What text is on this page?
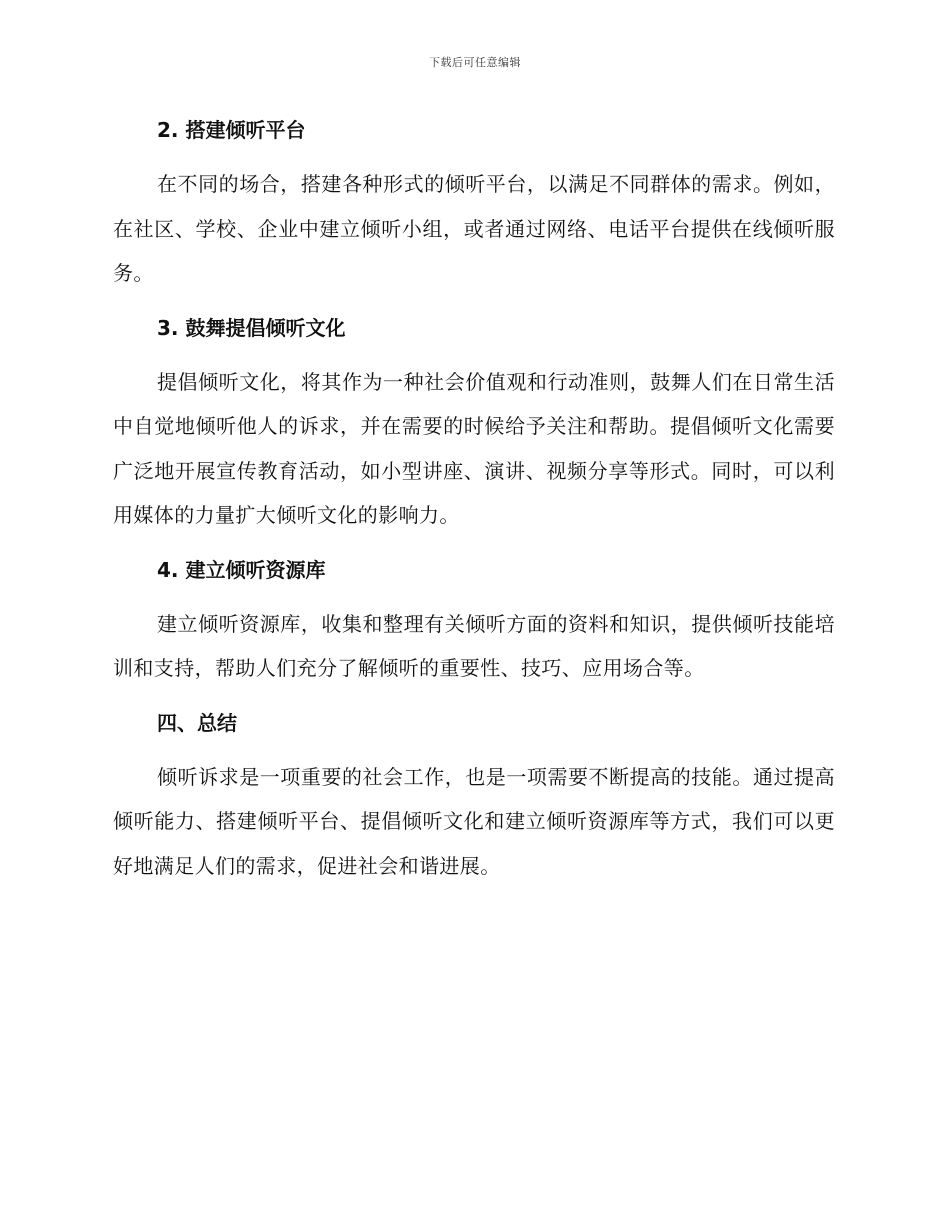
下载后可任意编辑
2. 搭建倾听平台

在不同的场合，搭建各种形式的倾听平台，以满足不同群体的需求。例如，在社区、学校、企业中建立倾听小组，或者通过网络、电话平台提供在线倾听服务。

3. 鼓舞提倡倾听文化

提倡倾听文化，将其作为一种社会价值观和行动准则，鼓舞人们在日常生活中自觉地倾听他人的诉求，并在需要的时候给予关注和帮助。提倡倾听文化需要广泛地开展宣传教育活动，如小型讲座、演讲、视频分享等形式。同时，可以利用媒体的力量扩大倾听文化的影响力。

4. 建立倾听资源库

建立倾听资源库，收集和整理有关倾听方面的资料和知识，提供倾听技能培训和支持，帮助人们充分了解倾听的重要性、技巧、应用场合等。

四、总结

倾听诉求是一项重要的社会工作，也是一项需要不断提高的技能。通过提高倾听能力、搭建倾听平台、提倡倾听文化和建立倾听资源库等方式，我们可以更好地满足人们的需求，促进社会和谐进展。
